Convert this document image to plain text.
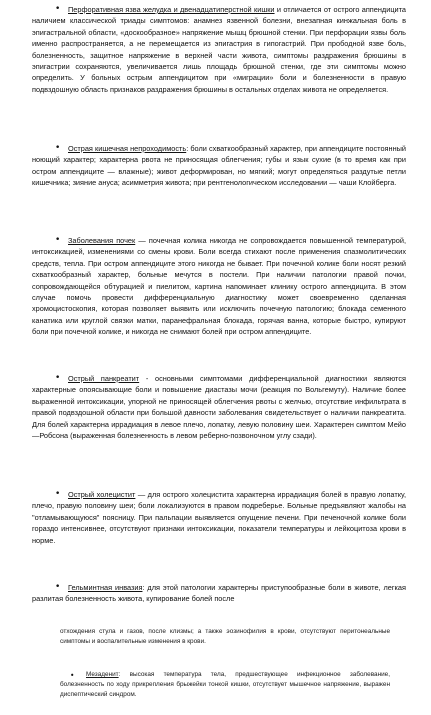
•	Перфоративная язва желудка и двенадцатиперстной кишки и отличается от острого аппендицита наличием классической триады симптомов: анамнез язвенной болезни, внезапная кинжальная боль в эпигастральной области, «доскообразное» напряжение мышц брюшной стенки. При перфорации язвы боль именно распространяется, а не перемещается из эпигастрия в гипогастрий. При прободной язве боль, болезненность, защитное напряжение в верхней части живота, симптомы раздражения брюшины в эпигастрии сохраняются, увеличивается лишь площадь брюшной стенки, где эти симптомы можно определить. У больных острым аппендицитом при «миграции» боли и болезненности в правую подвздошную область признаков раздражения брюшины в остальных отделах живота не определяется.
•	Острая кишечная непроходимость: боли схваткообразный характер, при аппендиците постоянный ноющий характер; характерна рвота не приносящая облегчения; губы и язык сухие (в то время как при остром аппендиците — влажные); живот деформирован, но мягкий; могут определяться раздутые петли кишечника; зияние ануса; асимметрия живота; при рентгенологическом исследовании — чаши Клойберга.
•	Заболевания почек — почечная колика никогда не сопровождается повышенной температурой, интоксикацией, изменениями со смены крови. Боли всегда стихают после применения спазмолитических средств, тепла. При остром аппендиците этого никогда не бывает. При почечной колике боли носят резкий схваткообразный характер, больные мечутся в постели. При наличии патологии правой почки, сопровождающейся обтурацией и пиелитом, картина напоминает клинику острого аппендицита. В этом случае помочь провести дифференциальную диагностику может своевременно сделанная хромоцистоскопия, которая позволяет выявить или исключить почечную патологию; блокада семенного канатика или круглой связки матки, паранефральная блокада, горячая ванна, которые быстро, купируют боли при почечной колике, и никогда не снимают болей при остром аппендиците.
•	Острый панкреатит - основными симптомами дифференциальной диагностики являются характерные опоясывающие боли и повышение диастазы мочи (реакция по Вольгемуту). Наличие более выраженной интоксикации, упорной не приносящей облегчения рвоты с желчью, отсутствие инфильтрата в правой подвздошной области при большой давности заболевания свидетельствует о наличии панкреатита. Для болей характерна иррадиация в левое плечо, лопатку, левую половину шеи. Характерен симптом Мейо—Робсона (выраженная болезненность в левом реберно-позвоночном углу сзади).
•	Острый холецистит — для острого холецистита характерна иррадиация болей в правую лопатку, плечо, правую половину шеи; боли локализуются в правом подреберье. Больные предъявляют жалобы на "отламывающуюся" поясницу. При пальпации выявляется опущение печени. При печеночной колике боли гораздо интенсивнее, отсутствуют признаки интоксикации, показатели температуры и лейкоцитоза крови в норме.
•	Гельминтная инвазия: для этой патологии характерны приступообразные боли в животе, легкая разлитая болезненность живота, купирование болей после
отхождения стула и газов, после клизмы; а также эозинофилия в крови, отсутствуют перитонеальные симптомы и воспалительные изменения в крови.
•	Мезаденит: высокая температура тела, предшествующее инфекционное заболевание, болезненность по ходу прикрепления брыжейки тонкой кишки, отсутствует мышечное напряжение, выражен диспептический синдром.
